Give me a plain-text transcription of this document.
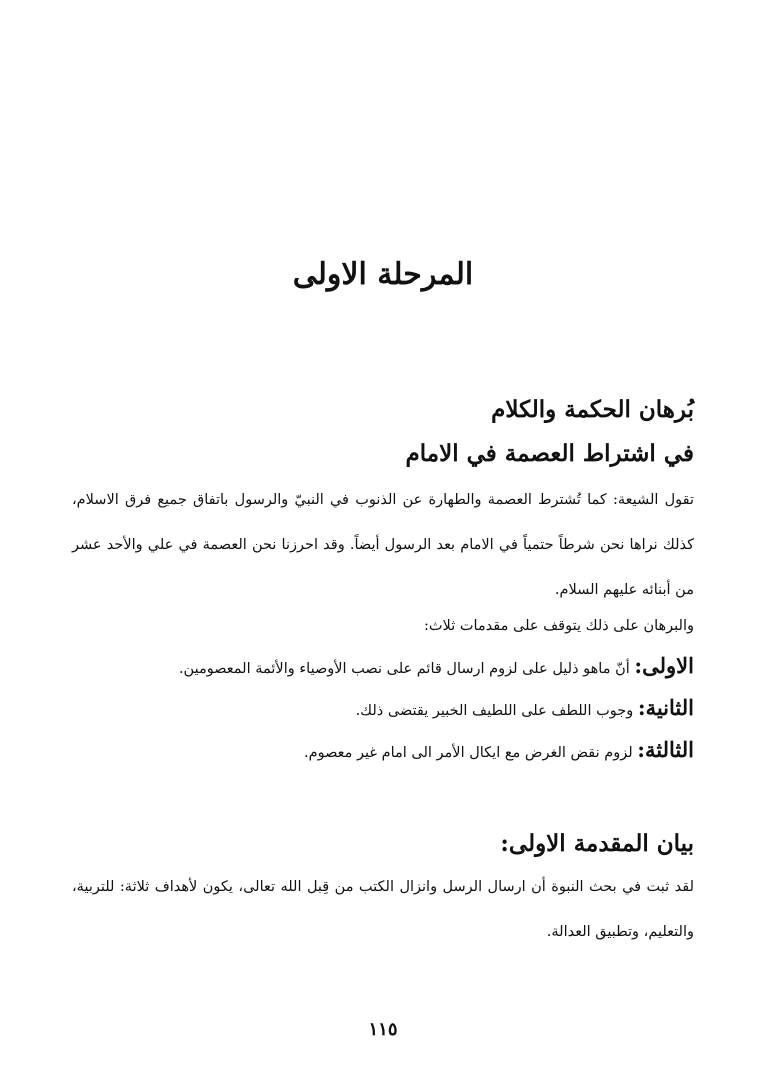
المرحلة الاولى
بُرهان الحكمة والكلام
في اشتراط العصمة في الامام

تقول الشيعة: كما تُشترط العصمة والطهارة عن الذنوب في النبيّ والرسول باتفاق جميع فرق الاسلام، كذلك نراها نحن شرطاً حتمياً في الامام بعد الرسول أيضاً. وقد احرزنا نحن العصمة في علي والأحد عشر من أبنائه عليهم السلام.

والبرهان على ذلك يتوقف على مقدمات ثلاث:

الاولى: أنّ ماهو ذليل على لزوم ارسال قائم على نصب الأوصياء والأئمة المعصومين.
الثانية: وجوب اللطف على اللطيف الخبير يقتضى ذلك.
الثالثة: لزوم نقض الغرض مع ايكال الأمر الى امام غير معصوم.
بيان المقدمة الاولى:

لقد ثبت في بحث النبوة أن ارسال الرسل وانزال الكتب من قِبل الله تعالى، يكون لأهداف ثلاثة: للتربية، والتعليم، وتطبيق العدالة.

١١٥
